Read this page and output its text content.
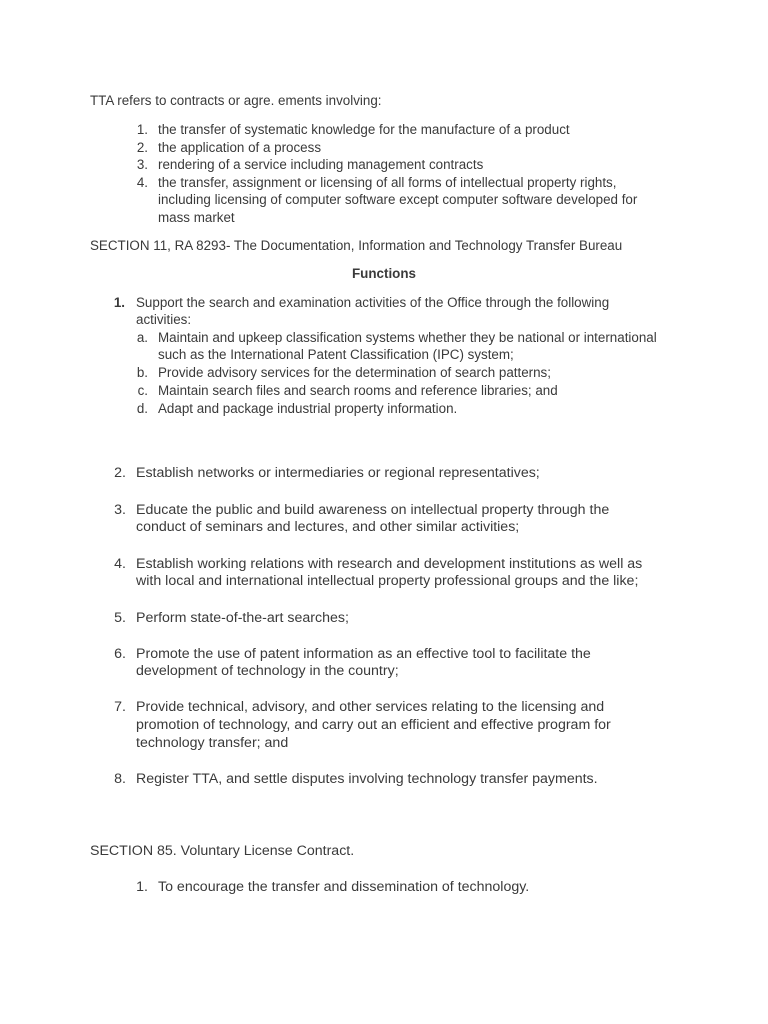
TTA refers to contracts or agre. ements involving:
1. the transfer of systematic knowledge for the manufacture of a product
2. the application of a process
3. rendering of a service including management contracts
4. the transfer, assignment or licensing of all forms of intellectual property rights,
including licensing of computer software except computer software developed for
mass market
SECTION 11, RA 8293- The Documentation, Information and Technology Transfer Bureau
Functions
1. Support the search and examination activities of the Office through the following
activities:
a. Maintain and upkeep classification systems whether they be national or international
such as the International Patent Classification (IPC) system;
b. Provide advisory services for the determination of search patterns;
c. Maintain search files and search rooms and reference libraries; and
d. Adapt and package industrial property information.
2. Establish networks or intermediaries or regional representatives;
3. Educate the public and build awareness on intellectual property through the
conduct of seminars and lectures, and other similar activities;
4. Establish working relations with research and development institutions as well as
with local and international intellectual property professional groups and the like;
5. Perform state-of-the-art searches;
6. Promote the use of patent information as an effective tool to facilitate the
development of technology in the country;
7. Provide technical, advisory, and other services relating to the licensing and
promotion of technology, and carry out an efficient and effective program for
technology transfer; and
8. Register TTA, and settle disputes involving technology transfer payments.
SECTION 85. Voluntary License Contract.
1. To encourage the transfer and dissemination of technology.
